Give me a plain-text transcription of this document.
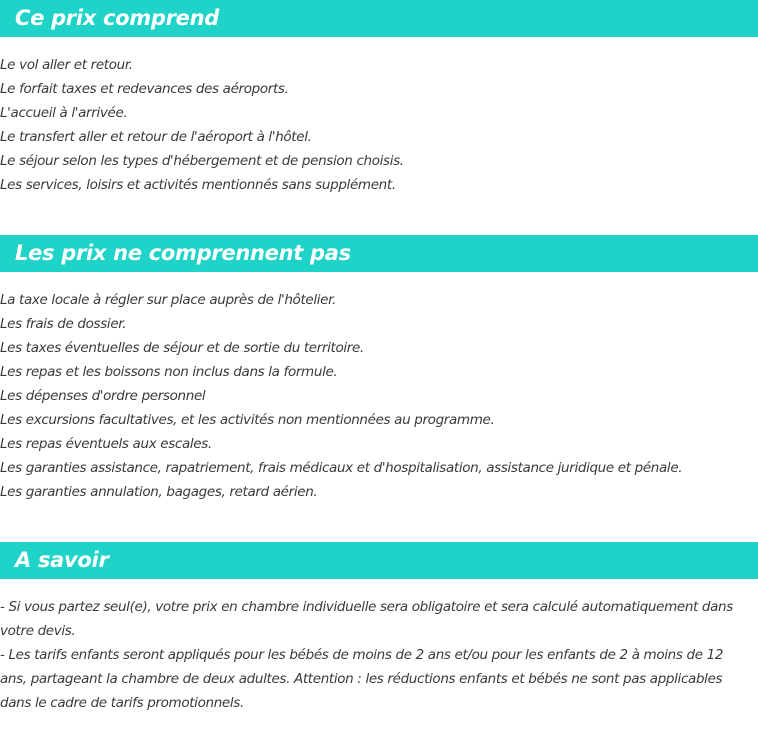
Ce prix comprend
Le vol aller et retour.
Le forfait taxes et redevances des aéroports.
L'accueil à l'arrivée.
Le transfert aller et retour de l'aéroport à l'hôtel.
Le séjour selon les types d'hébergement et de pension choisis.
Les services, loisirs et activités mentionnés sans supplément.
Les prix ne comprennent pas
La taxe locale à régler sur place auprès de l'hôtelier.
Les frais de dossier.
Les taxes éventuelles de séjour et de sortie du territoire.
Les repas et les boissons non inclus dans la formule.
Les dépenses d'ordre personnel
Les excursions facultatives, et les activités non mentionnées au programme.
Les repas éventuels aux escales.
Les garanties assistance, rapatriement, frais médicaux et d'hospitalisation, assistance juridique et pénale.
Les garanties annulation, bagages, retard aérien.
A savoir

- Si vous partez seul(e), votre prix en chambre individuelle sera obligatoire et sera calculé automatiquement dans votre devis.

- Les tarifs enfants seront appliqués pour les bébés de moins de 2 ans et/ou pour les enfants de 2 à moins de 12 ans, partageant la chambre de deux adultes. Attention : les réductions enfants et bébés ne sont pas applicables dans le cadre de tarifs promotionnels.
